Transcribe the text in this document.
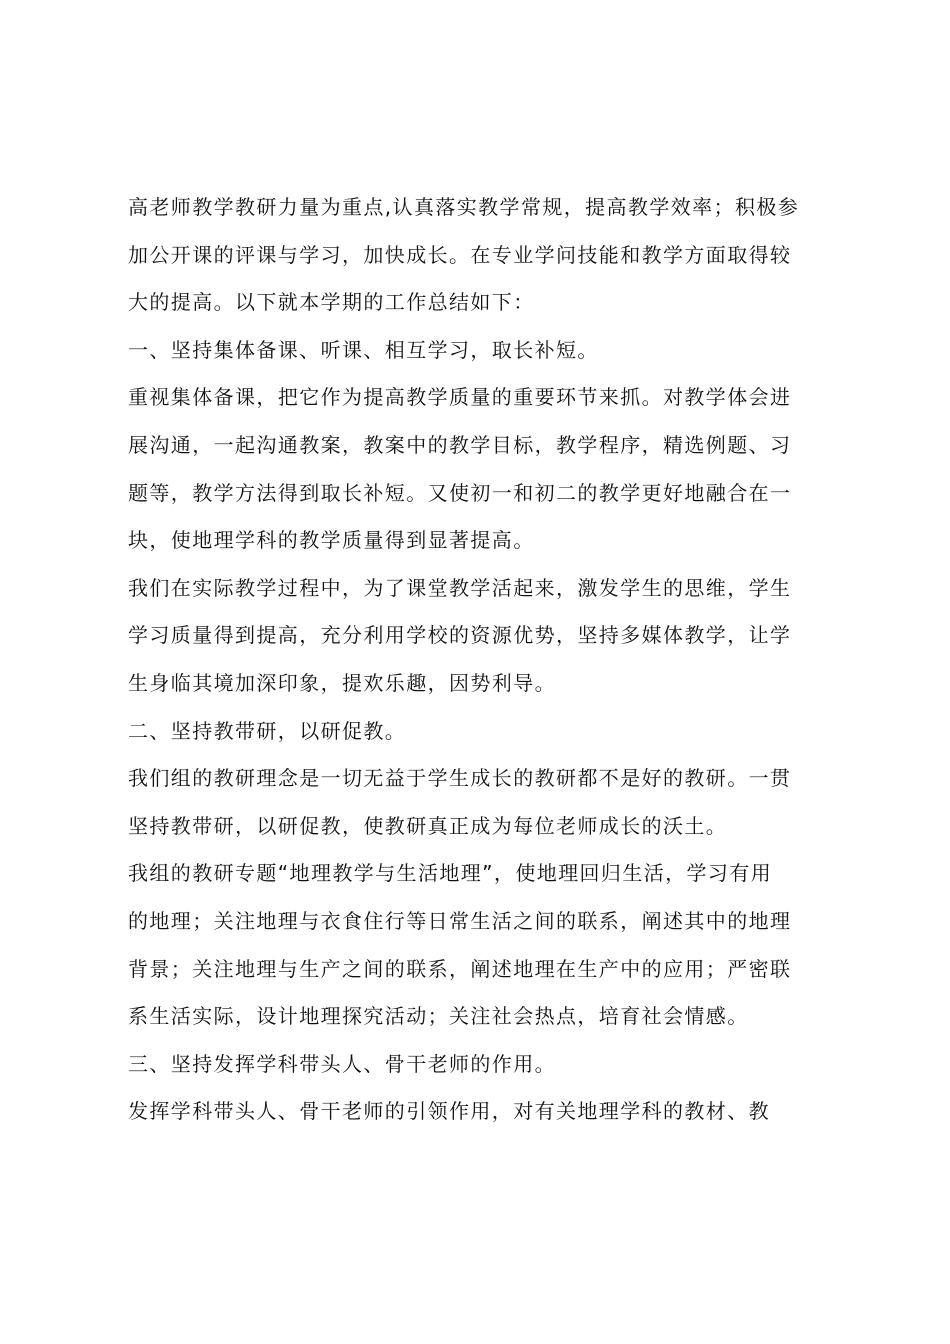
高老师教学教研力量为重点,认真落实教学常规，提高教学效率；积极参

加公开课的评课与学习，加快成长。在专业学问技能和教学方面取得较

大的提高。以下就本学期的工作总结如下：

一、坚持集体备课、听课、相互学习，取长补短。

重视集体备课，把它作为提高教学质量的重要环节来抓。对教学体会进

展沟通，一起沟通教案，教案中的教学目标，教学程序，精选例题、习

题等，教学方法得到取长补短。又使初一和初二的教学更好地融合在一

块，使地理学科的教学质量得到显著提高。

我们在实际教学过程中，为了课堂教学活起来，激发学生的思维，学生

学习质量得到提高，充分利用学校的资源优势，坚持多媒体教学，让学

生身临其境加深印象，提欢乐趣，因势利导。

二、坚持教带研，以研促教。

我们组的教研理念是一切无益于学生成长的教研都不是好的教研。一贯

坚持教带研，以研促教，使教研真正成为每位老师成长的沃土。

我组的教研专题“地理教学与生活地理”，使地理回归生活，学习有用

的地理；关注地理与衣食住行等日常生活之间的联系，阐述其中的地理

背景；关注地理与生产之间的联系，阐述地理在生产中的应用；严密联

系生活实际，设计地理探究活动；关注社会热点，培育社会情感。

三、坚持发挥学科带头人、骨干老师的作用。

发挥学科带头人、骨干老师的引领作用，对有关地理学科的教材、教
